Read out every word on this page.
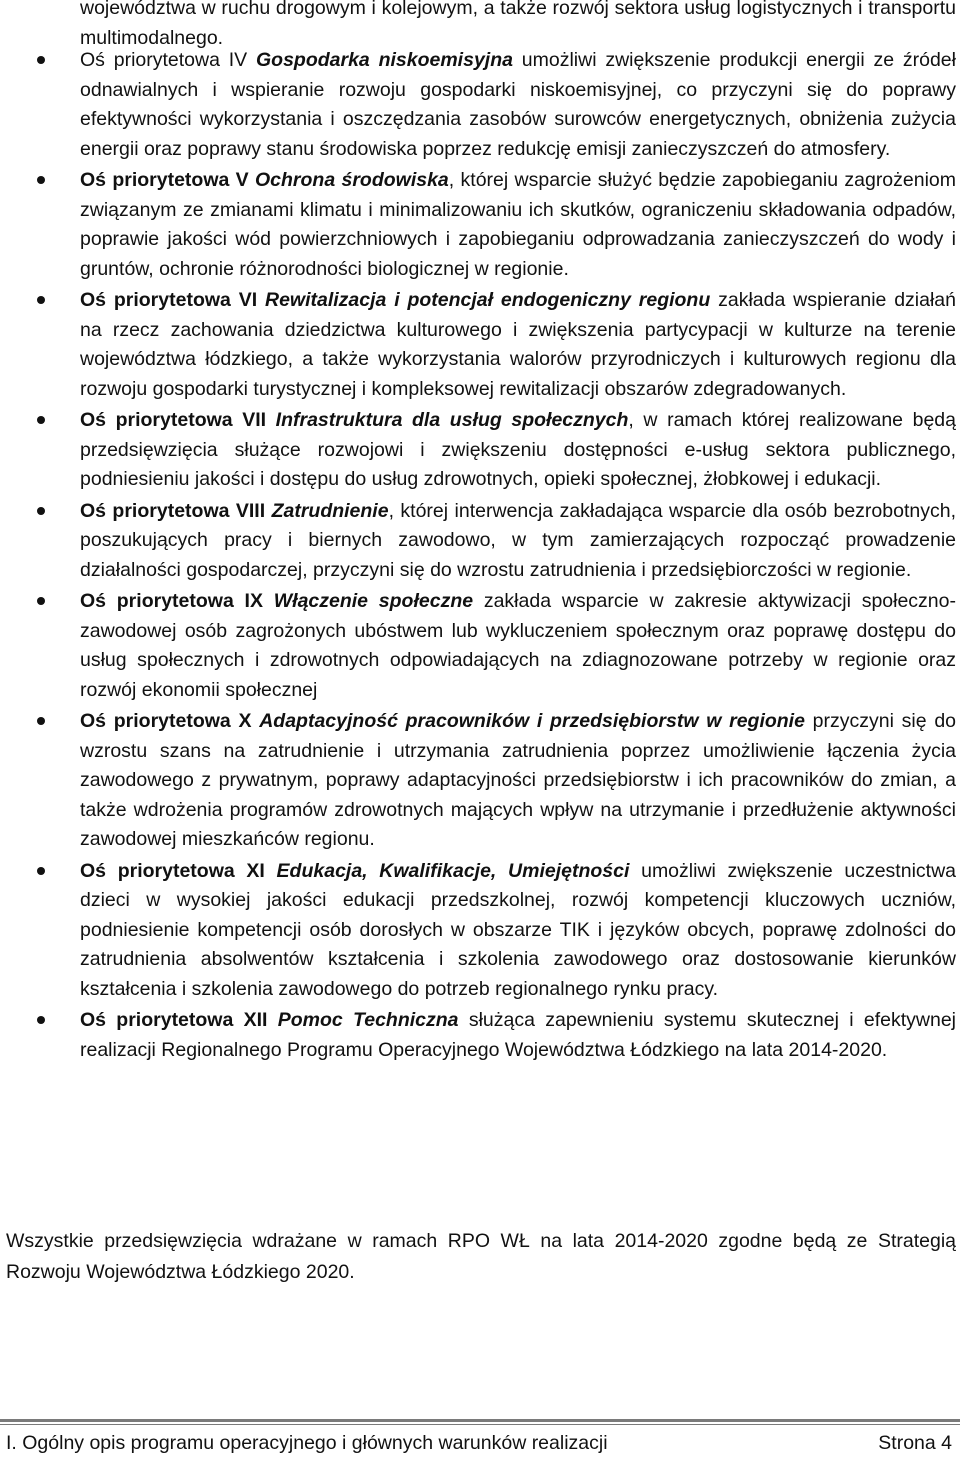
województwa w ruchu drogowym i kolejowym, a także rozwój sektora usług logistycznych i transportu multimodalnego.

Oś priorytetowa IV Gospodarka niskoemisyjna umożliwi zwiększenie produkcji energii ze źródeł odnawialnych i wspieranie rozwoju gospodarki niskoemisyjnej, co przyczyni się do poprawy efektywności wykorzystania i oszczędzania zasobów surowców energetycznych, obniżenia zużycia energii oraz poprawy stanu środowiska poprzez redukcję emisji zanieczyszczeń do atmosfery.
Oś priorytetowa V Ochrona środowiska, której wsparcie służyć będzie zapobieganiu zagrożeniom związanym ze zmianami klimatu i minimalizowaniu ich skutków, ograniczeniu składowania odpadów, poprawie jakości wód powierzchniowych i zapobieganiu odprowadzania zanieczyszczeń do wody i gruntów, ochronie różnorodności biologicznej w regionie.
Oś priorytetowa VI Rewitalizacja i potencjał endogeniczny regionu zakłada wspieranie działań na rzecz zachowania dziedzictwa kulturowego i zwiększenia partycypacji w kulturze na terenie województwa łódzkiego, a także wykorzystania walorów przyrodniczych i kulturowych regionu dla rozwoju gospodarki turystycznej i kompleksowej rewitalizacji obszarów zdegradowanych.
Oś priorytetowa VII Infrastruktura dla usług społecznych, w ramach której realizowane będą przedsięwzięcia służące rozwojowi i zwiększeniu dostępności e-usług sektora publicznego, podniesieniu jakości i dostępu do usług zdrowotnych, opieki społecznej, żłobkowej i edukacji.
Oś priorytetowa VIII Zatrudnienie, której interwencja zakładająca wsparcie dla osób bezrobotnych, poszukujących pracy i biernych zawodowo, w tym zamierzających rozpocząć prowadzenie działalności gospodarczej, przyczyni się do wzrostu zatrudnienia i przedsiębiorczości w regionie.
Oś priorytetowa IX Włączenie społeczne zakłada wsparcie w zakresie aktywizacji społeczno-zawodowej osób zagrożonych ubóstwem lub wykluczeniem społecznym oraz poprawę dostępu do usług społecznych i zdrowotnych odpowiadających na zdiagnozowane potrzeby w regionie oraz rozwój ekonomii społecznej
Oś priorytetowa X Adaptacyjność pracowników i przedsiębiorstw w regionie przyczyni się do wzrostu szans na zatrudnienie i utrzymania zatrudnienia poprzez umożliwienie łączenia życia zawodowego z prywatnym, poprawy adaptacyjności przedsiębiorstw i ich pracowników do zmian, a także wdrożenia programów zdrowotnych mających wpływ na utrzymanie i przedłużenie aktywności zawodowej mieszkańców regionu.
Oś priorytetowa XI Edukacja, Kwalifikacje, Umiejętności umożliwi zwiększenie uczestnictwa dzieci w wysokiej jakości edukacji przedszkolnej, rozwój kompetencji kluczowych uczniów, podniesienie kompetencji osób dorosłych w obszarze TIK i języków obcych, poprawę zdolności do zatrudnienia absolwentów kształcenia i szkolenia zawodowego oraz dostosowanie kierunków kształcenia i szkolenia zawodowego do potrzeb regionalnego rynku pracy.
Oś priorytetowa XII Pomoc Techniczna służąca zapewnieniu systemu skutecznej i efektywnej realizacji Regionalnego Programu Operacyjnego Województwa Łódzkiego na lata 2014-2020.

Wszystkie przedsięwzięcia wdrażane w ramach RPO WŁ na lata 2014-2020 zgodne będą ze Strategią Rozwoju Województwa Łódzkiego 2020.

I. Ogólny opis programu operacyjnego i głównych warunków realizacji	Strona 4
